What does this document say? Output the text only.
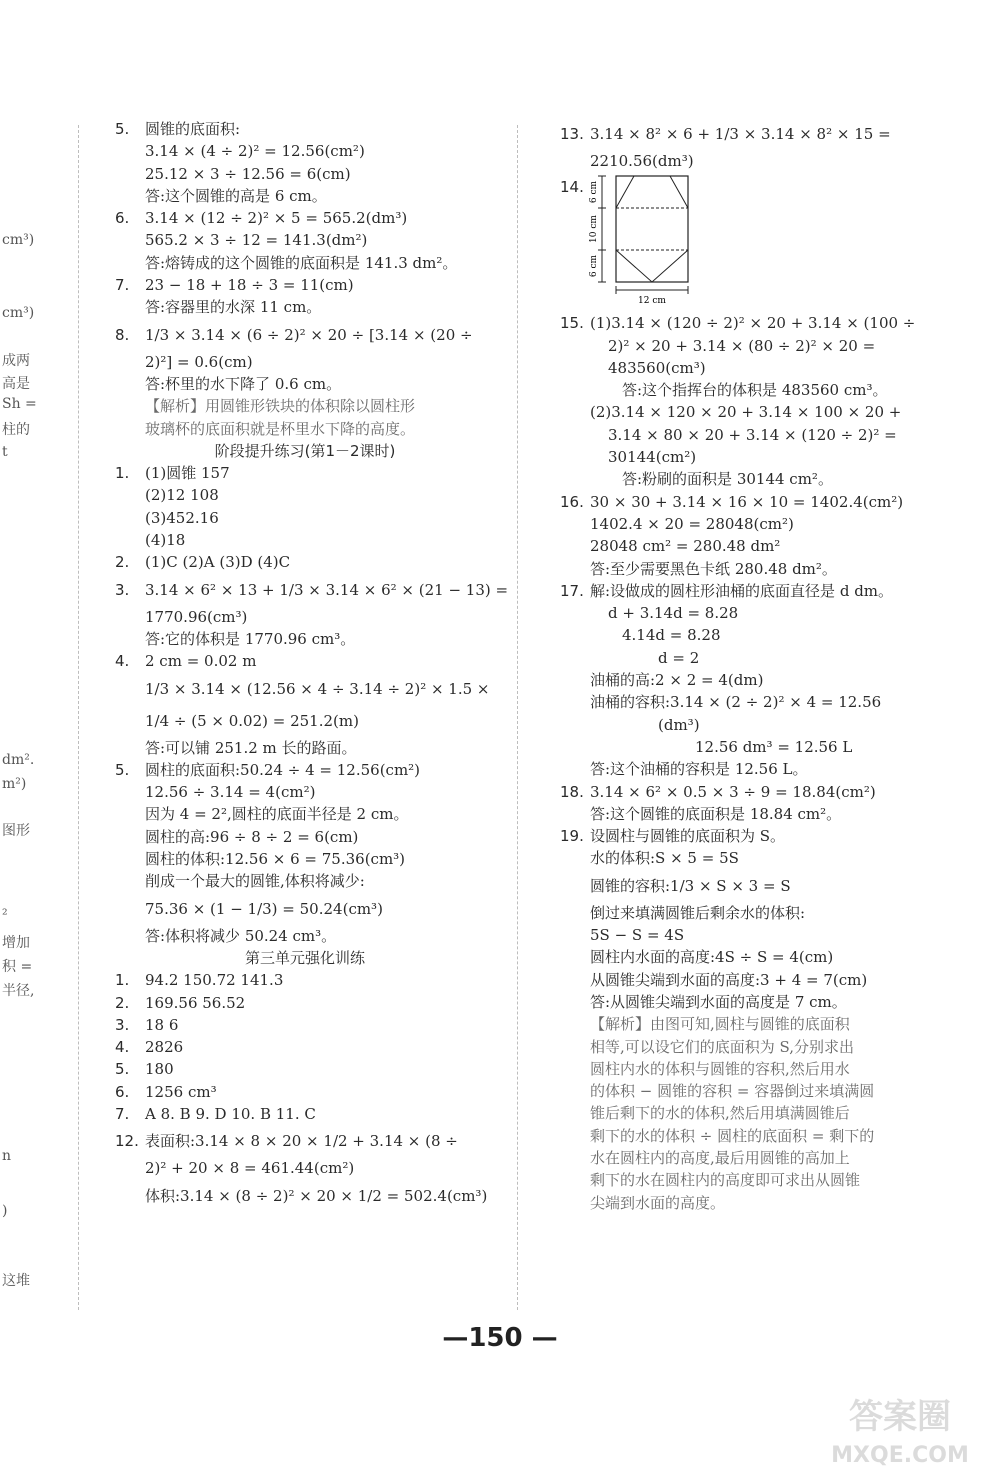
cm³)
cm³)
成两
高是
Sh =
柱的
t
dm².
m²)
图形
²
增加
积 =
半径,
n
)
这堆
5. 圆锥的底面积:
3.14 × (4 ÷ 2)² = 12.56(cm²)
25.12 × 3 ÷ 12.56 = 6(cm)
答:这个圆锥的高是 6 cm。
6. 3.14 × (12 ÷ 2)² × 5 = 565.2(dm³)
565.2 × 3 ÷ 12 = 141.3(dm²)
答:熔铸成的这个圆锥的底面积是 141.3 dm²。
7. 23 − 18 + 18 ÷ 3 = 11(cm)
答:容器里的水深 11 cm。
8. 1/3 × 3.14 × (6 ÷ 2)² × 20 ÷ [3.14 × (20 ÷
2)²] = 0.6(cm)
答:杯里的水下降了 0.6 cm。
【解析】用圆锥形铁块的体积除以圆柱形
玻璃杯的底面积就是杯里水下降的高度。
阶段提升练习(第1－2课时)
1. (1)圆锥 157
(2)12 108
(3)452.16
(4)18
2. (1)C (2)A (3)D (4)C
3. 3.14 × 6² × 13 + 1/3 × 3.14 × 6² × (21 − 13) =
1770.96(cm³)
答:它的体积是 1770.96 cm³。
4. 2 cm = 0.02 m
1/3 × 3.14 × (12.56 × 4 ÷ 3.14 ÷ 2)² × 1.5 ×
1/4 ÷ (5 × 0.02) = 251.2(m)
答:可以铺 251.2 m 长的路面。
5. 圆柱的底面积:50.24 ÷ 4 = 12.56(cm²)
12.56 ÷ 3.14 = 4(cm²)
因为 4 = 2²,圆柱的底面半径是 2 cm。
圆柱的高:96 ÷ 8 ÷ 2 = 6(cm)
圆柱的体积:12.56 × 6 = 75.36(cm³)
削成一个最大的圆锥,体积将减少:
75.36 × (1 − 1/3) = 50.24(cm³)
答:体积将减少 50.24 cm³。
第三单元强化训练
1. 94.2 150.72 141.3
2. 169.56 56.52
3. 18 6
4. 2826
5. 180
6. 1256 cm³
7. A 8. B 9. D 10. B 11. C
12. 表面积:3.14 × 8 × 20 × 1/2 + 3.14 × (8 ÷
2)² + 20 × 8 = 461.44(cm²)
体积:3.14 × (8 ÷ 2)² × 20 × 1/2 = 502.4(cm³)
13. 3.14 × 8² × 6 + 1/3 × 3.14 × 8² × 15 =
2210.56(dm³)
14. 6 cm
10 cm
6 cm
12 cm
15. (1)3.14 × (120 ÷ 2)² × 20 + 3.14 × (100 ÷
2)² × 20 + 3.14 × (80 ÷ 2)² × 20 =
483560(cm³)
答:这个指挥台的体积是 483560 cm³。
(2)3.14 × 120 × 20 + 3.14 × 100 × 20 +
3.14 × 80 × 20 + 3.14 × (120 ÷ 2)² =
30144(cm²)
答:粉刷的面积是 30144 cm²。
16. 30 × 30 + 3.14 × 16 × 10 = 1402.4(cm²)
1402.4 × 20 = 28048(cm²)
28048 cm² = 280.48 dm²
答:至少需要黑色卡纸 280.48 dm²。
17. 解:设做成的圆柱形油桶的底面直径是 d dm。
d + 3.14d = 8.28
4.14d = 8.28
d = 2
油桶的高:2 × 2 = 4(dm)
油桶的容积:3.14 × (2 ÷ 2)² × 4 = 12.56
(dm³)
12.56 dm³ = 12.56 L
答:这个油桶的容积是 12.56 L。
18. 3.14 × 6² × 0.5 × 3 ÷ 9 = 18.84(cm²)
答:这个圆锥的底面积是 18.84 cm²。
19. 设圆柱与圆锥的底面积为 S。
水的体积:S × 5 = 5S
圆锥的容积:1/3 × S × 3 = S
倒过来填满圆锥后剩余水的体积:
5S − S = 4S
圆柱内水面的高度:4S ÷ S = 4(cm)
从圆锥尖端到水面的高度:3 + 4 = 7(cm)
答:从圆锥尖端到水面的高度是 7 cm。
【解析】由图可知,圆柱与圆锥的底面积
相等,可以设它们的底面积为 S,分别求出
圆柱内水的体积与圆锥的容积,然后用水
的体积 − 圆锥的容积 = 容器倒过来填满圆
锥后剩下的水的体积,然后用填满圆锥后
剩下的水的体积 ÷ 圆柱的底面积 = 剩下的
水在圆柱内的高度,最后用圆锥的高加上
剩下的水在圆柱内的高度即可求出从圆锥
尖端到水面的高度。
—150 —
答案圈
MXQE.COM
